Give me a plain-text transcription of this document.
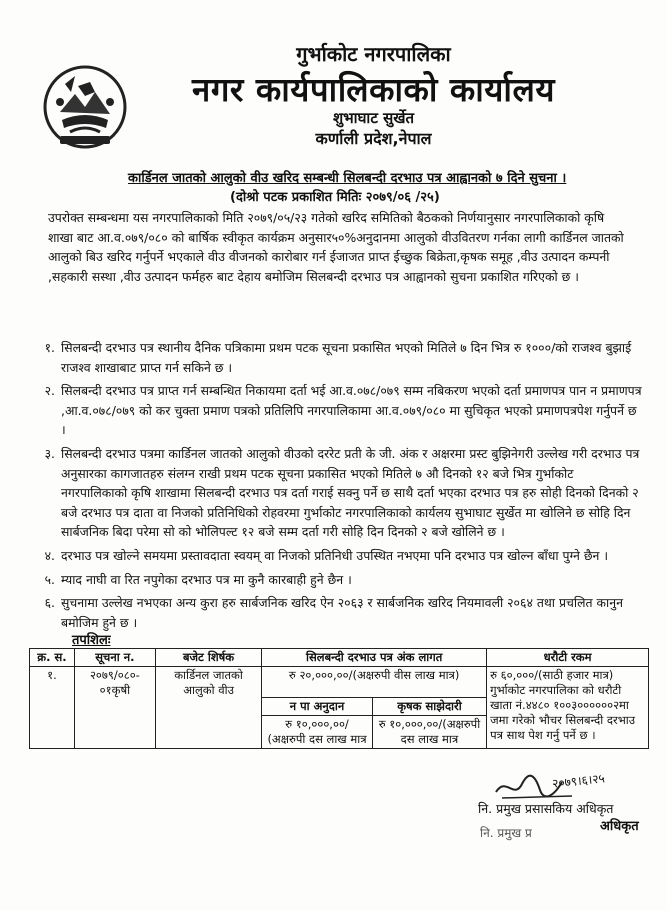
गुर्भाकोट नगरपालिका
नगर कार्यपालिकाको कार्यालय
शुभाघाट सुर्खेत
कर्णाली प्रदेश,नेपाल
कार्डिनल जातको आलुको वीउ खरिद सम्बन्धी सिलबन्दी दरभाउ पत्र आह्वानको ७ दिने सुचना ।
(दोश्रो पटक प्रकाशित मितिः २०७९/०६ /२५)
उपरोक्त सम्बन्धमा यस नगरपालिकाको मिति २०७९/०५/२३ गतेको खरिद समितिको बैठकको निर्णयानुसार नगरपालिकाको कृषि शाखा बाट आ.व.०७९/०८० को बार्षिक स्वीकृत कार्यक्रम अनुसार५०%अनुदानमा आलुको वीउवितरण गर्नका लागी कार्डिनल जातको आलुको बिउ खरिद गर्नुपर्ने भएकाले वीउ वीजनको कारोबार गर्न ईजाजत प्राप्त ईच्छुक बिक्रेता,कृषक समूह ,वीउ उत्पादन कम्पनी ,सहकारी सस्था ,वीउ उत्पादन फर्महरु बाट देहाय बमोजिम सिलबन्दी दरभाउ पत्र आह्वानको सुचना प्रकाशित गरिएको छ ।
१. सिलबन्दी दरभाउ पत्र स्थानीय दैनिक पत्रिकामा प्रथम पटक सूचना प्रकासित भएको मितिले ७ दिन भित्र रु १०००/को राजश्व बुझाई राजश्व शाखाबाट प्राप्त गर्न सकिने छ ।
२. सिलबन्दी दरभाउ पत्र प्राप्त गर्न सम्बन्धित निकायमा दर्ता भई आ.व.०७८/०७९ सम्म नबिकरण भएको दर्ता प्रमाणपत्र पान न प्रमाणपत्र ,आ.व.०७८/०७९ को कर चुक्ता प्रमाण पत्रको प्रतिलिपि नगरपालिकामा आ.व.०७९/०८० मा सुचिकृत भएको प्रमाणपत्रपेश गर्नुपर्ने छ ।
३. सिलबन्दी दरभाउ पत्रमा कार्डिनल जातको आलुको वीउको दररेट प्रती के जी. अंक र अक्षरमा प्रस्ट बुझिनेगरी उल्लेख गरी दरभाउ पत्र अनुसारका कागजातहरु संलग्न राखी प्रथम पटक सूचना प्रकासित भएको मितिले ७ औ दिनको १२ बजे भित्र गुर्भाकोट नगरपालिकाको कृषि शाखामा सिलबन्दी दरभाउ पत्र दर्ता गराई सक्नु पर्ने छ साथै दर्ता भएका दरभाउ पत्र हरु सोही दिनको दिनको २ बजे दरभाउ पत्र दाता वा निजको प्रतिनिधिको रोहवरमा गुर्भाकोट नगरपालिकाको कार्यलय सुभाघाट सुर्खेत मा खोलिने छ सोहि दिन सार्बजनिक बिदा परेमा सो को भोलिपल्ट १२ बजे सम्म दर्ता गरी सोहि दिन दिनको २ बजे खोलिने छ ।
४. दरभाउ पत्र खोल्ने समयमा प्रस्तावदाता स्वयम् वा निजको प्रतिनिधी उपस्थित नभएमा पनि दरभाउ पत्र खोल्न बाँधा पुग्ने छैन ।
५. म्याद नाघी वा रित नपुगेका दरभाउ पत्र मा कुनै कारबाही हुने छैन ।
६. सुचनामा उल्लेख नभएका अन्य कुरा हरु सार्बजनिक खरिद ऐन २०६३ र सार्बजनिक खरिद नियमावली २०६४ तथा प्रचलित कानुन बमोजिम हुने छ ।
तपशिलः
क्र. स.	सूचना न.	बजेट शिर्षक	सिलबन्दी दरभाउ पत्र अंक लागत		धरौटी रकम
१.	२०७९/०८०- ०१कृषी	कार्डिनल जातको आलुको वीउ	रु २०,०००,००/(अक्षरुपी वीस लाख मात्र)		रु ६०,०००/(साठी हजार मात्र) गुर्भाकोट नगरपालिका को धरौटी खाता नं.४४८० १००३००००००२मा जमा गरेको भौचर सिलबन्दी दरभाउ पत्र साथ पेश गर्नु पर्ने छ ।
			न पा अनुदान	कृषक साझेदारी	
			रु १०,०००,००/ (अक्षरुपी दस लाख मात्र	रु १०,०००,००/(अक्षरुपी दस लाख मात्र	
२०७९।६।२५
नि. प्रमुख प्रसासकिय अधिकृत
नि. प्रमुख प्र	अधिकृत
